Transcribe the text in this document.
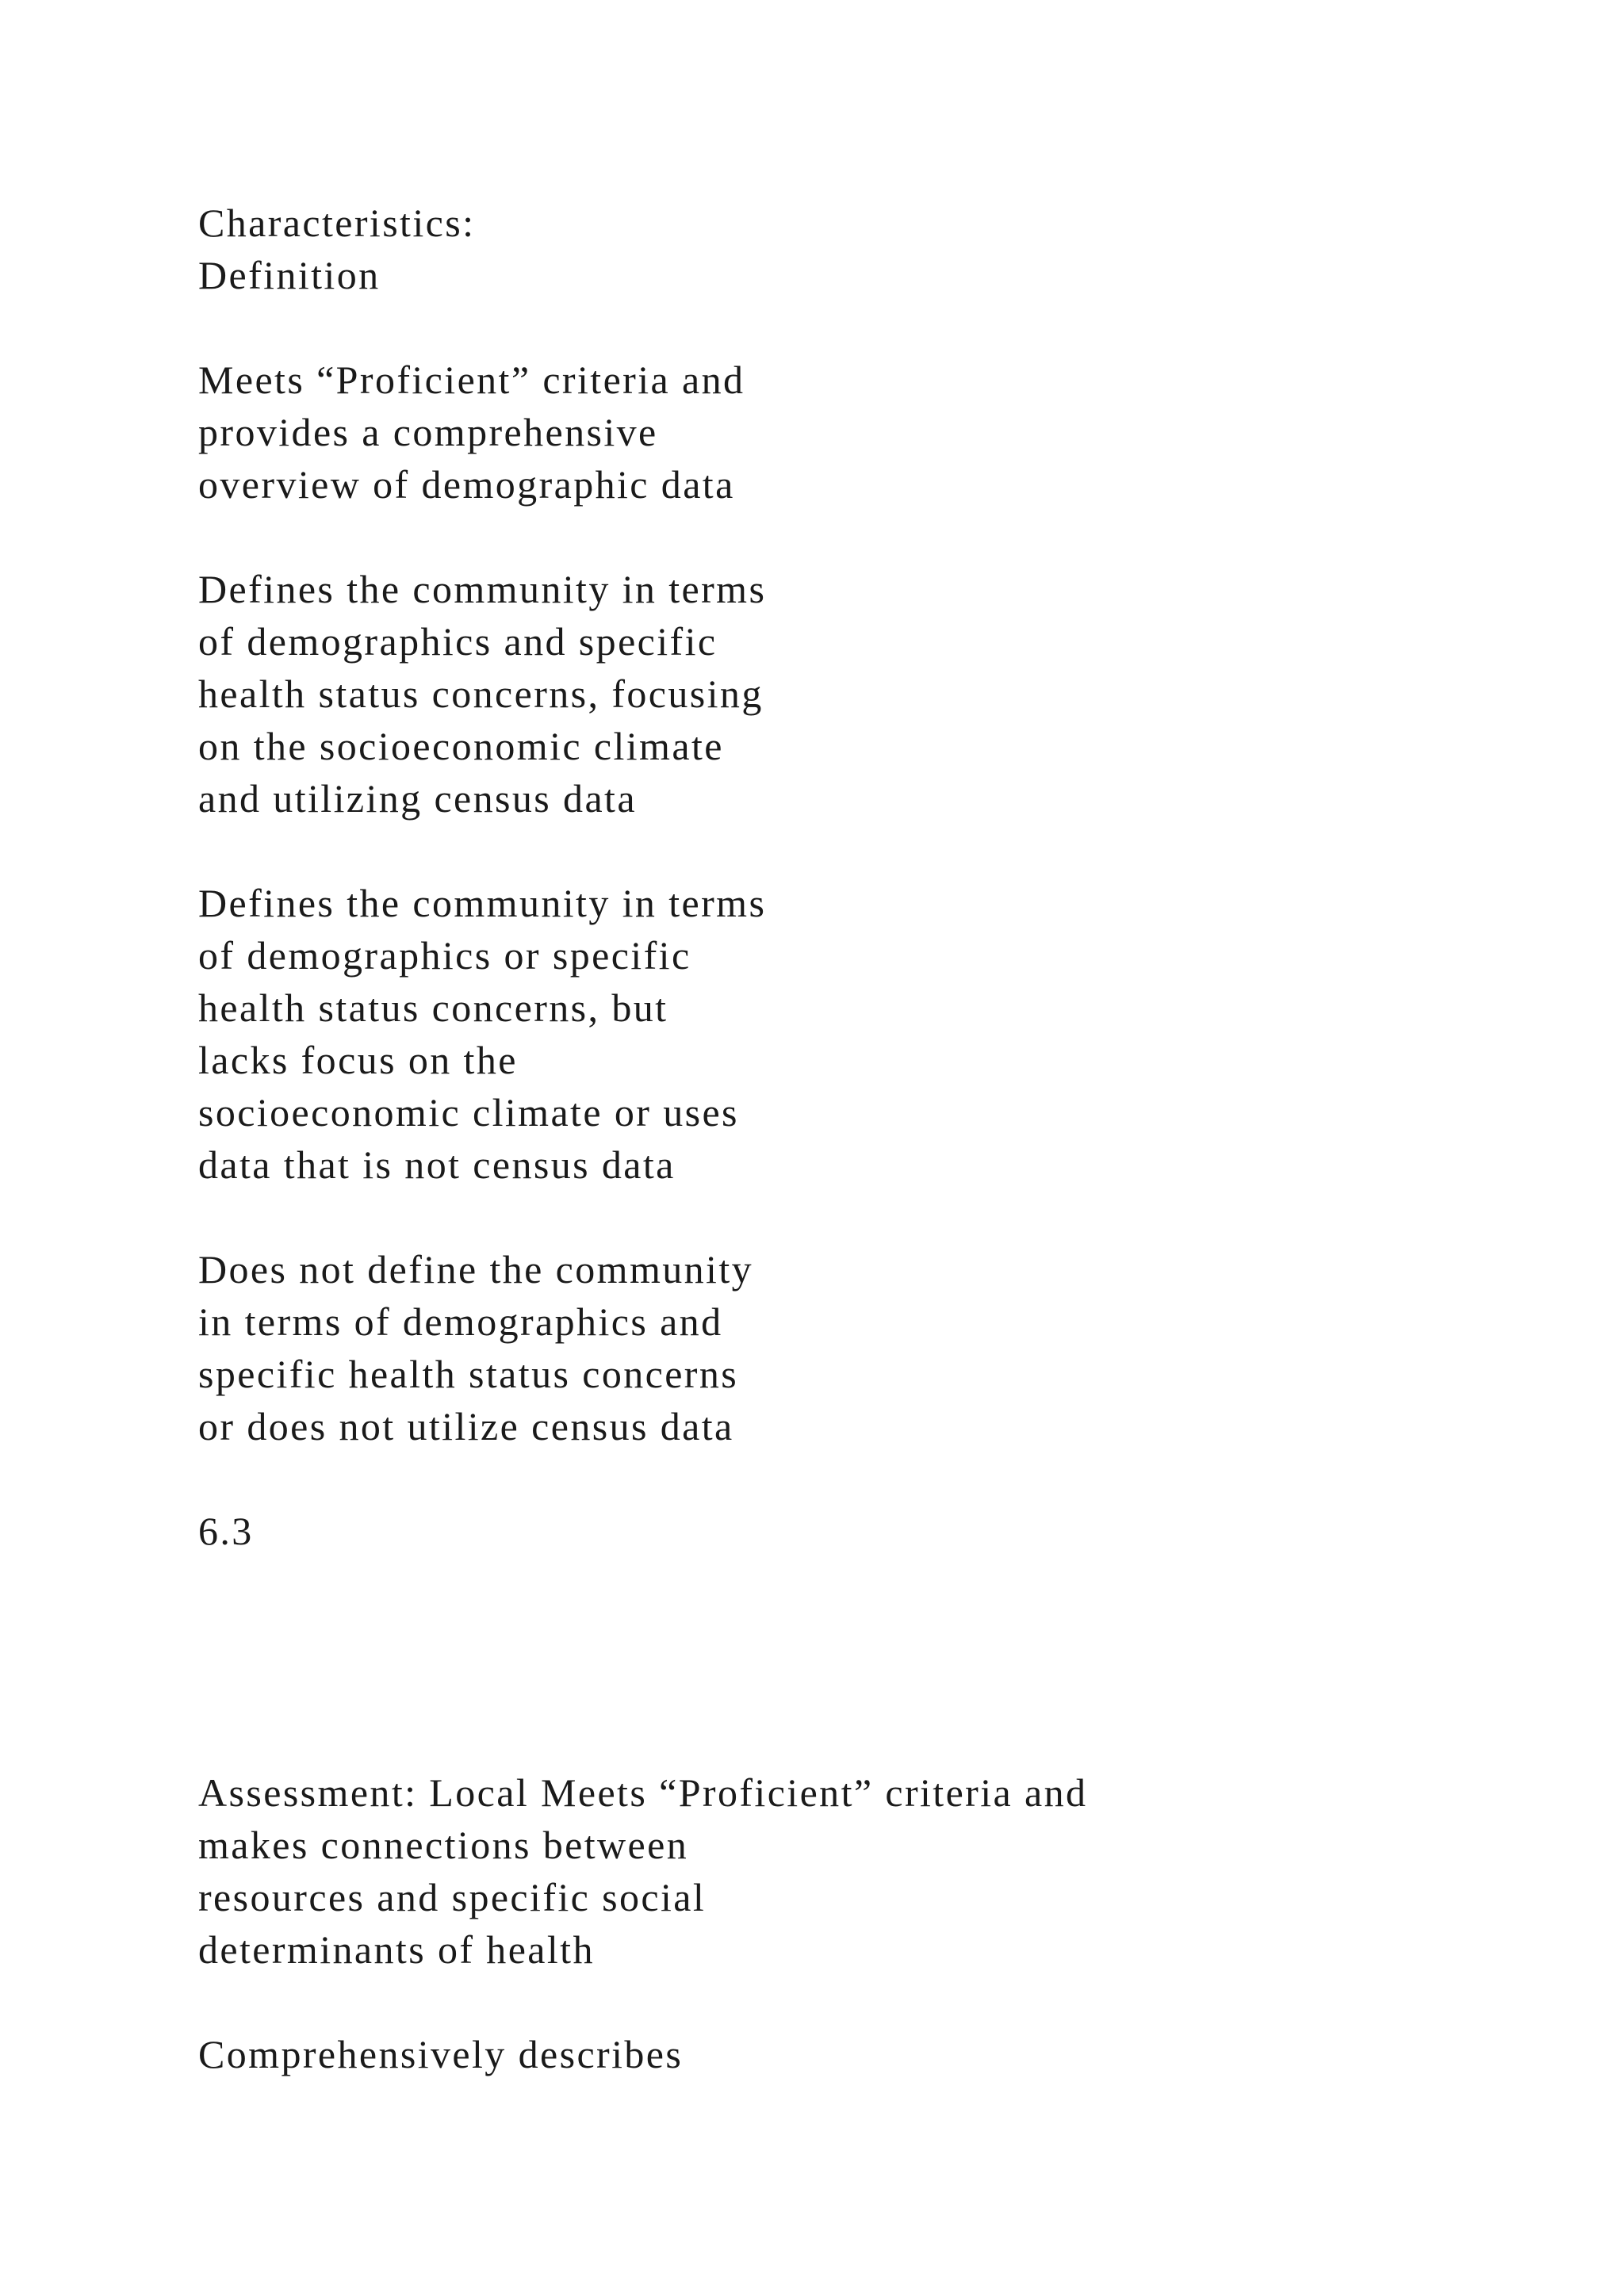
Characteristics:

Definition

Meets “Proficient” criteria and

provides a comprehensive

overview of demographic data

Defines the community in terms

of demographics and specific

health status concerns, focusing

on the socioeconomic climate

and utilizing census data

Defines the community in terms

of demographics or specific

health status concerns, but

lacks focus on the

socioeconomic climate or uses

data that is not census data

Does not define the community

in terms of demographics and

specific health status concerns

or does not utilize census data

6.3

Assessment: Local Meets “Proficient” criteria and

makes connections between

resources and specific social

determinants of health

Comprehensively describes
